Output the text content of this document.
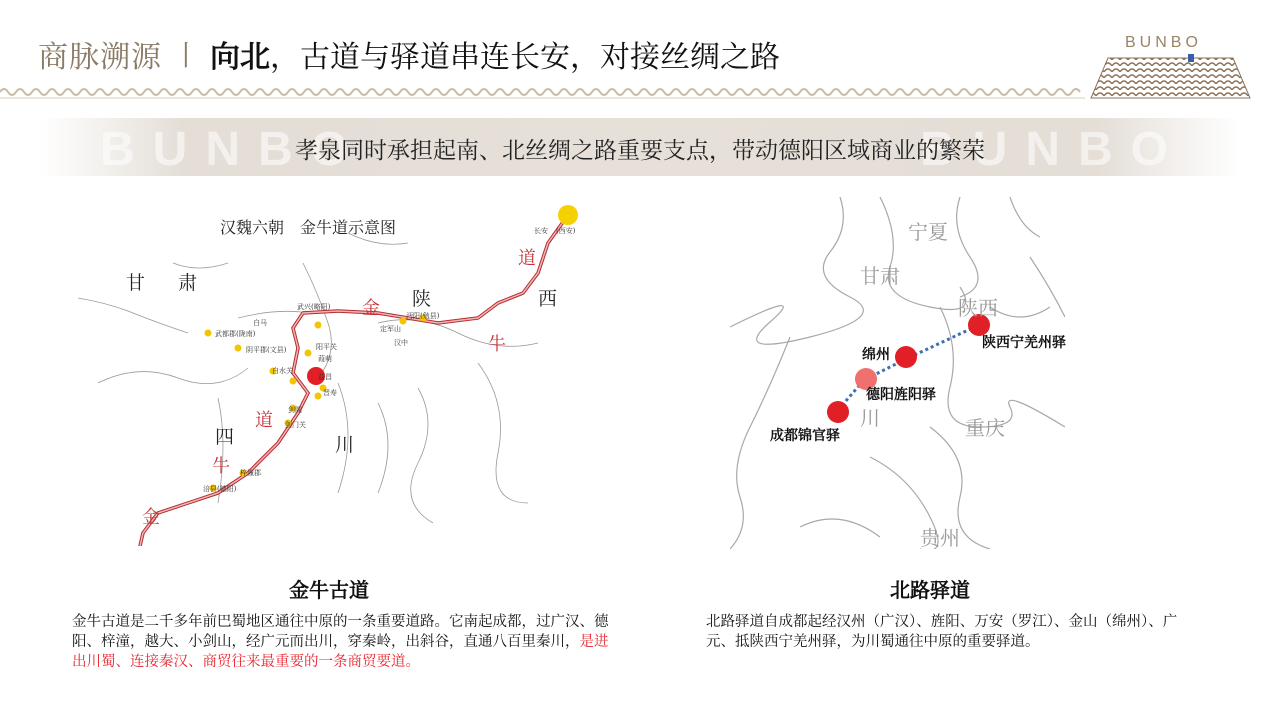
商脉溯源 丨 向北 ，古道与驿道串连长安，对接丝绸之路	BUNBO
BUNBO	BUNBO
孝泉同时承担起南、北丝绸之路重要支点，带动德阳区域商业的繁荣
汉魏六朝　金牛道示意图
甘 肃
陕	西
四	川
道
金
牛
道
牛
金
长安 (西安)
武兴(略阳)
白马
武都郡(陇南)
阴平郡(文县)
沔阳(勉县)
定军山
汉中
白水关
晋寿
剑阁
梓潼郡
涪县(德阳)
益昌
阳平关
剑门关
葭萌
宁夏
甘肃
陕西
川	重庆
贵州
陕西宁羌州驿
绵州
德阳旌阳驿
成都锦官驿
金牛古道	北路驿道
金牛古道是二千多年前巴蜀地区通往中原的一条重要道路。它南起成都，过广汉、德阳、梓潼，越大、小剑山，经广元而出川，穿秦岭，出斜谷，直通八百里秦川，是进出川蜀、连接秦汉、商贸往来最重要的一条商贸要道。
北路驿道自成都起经汉州（广汉）、旌阳、万安（罗江）、金山（绵州）、广元、抵陕西宁羌州驿，为川蜀通往中原的重要驿道。
